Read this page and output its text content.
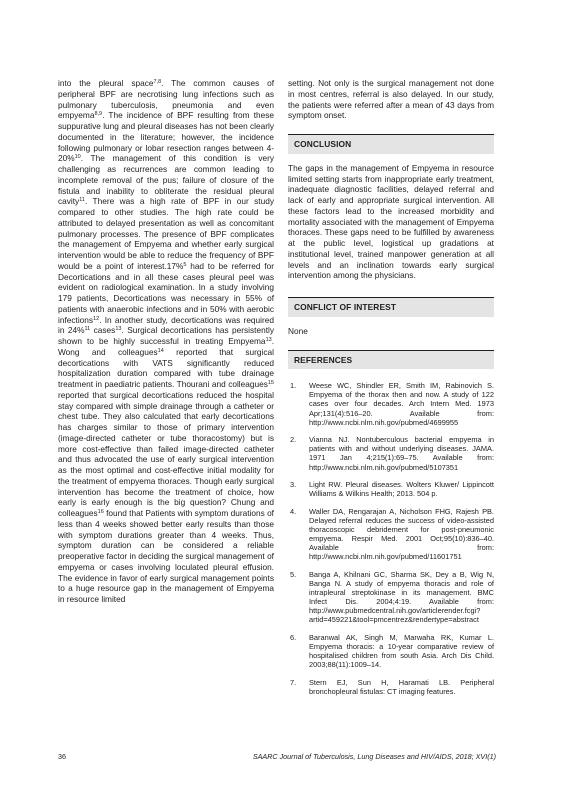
into the pleural space$^{7,8}$. The common causes of peripheral BPF are necrotising lung infections such as pulmonary tuberculosis, pneumonia and even empyema$^{8,9}$. The incidence of BPF resulting from these suppurative lung and pleural diseases has not been clearly documented in the literature; however, the incidence following pulmonary or lobar resection ranges between 4-20%$^{10}$. The management of this condition is very challenging as recurrences are common leading to incomplete removal of the pus; failure of closure of the fistula and inability to obliterate the residual pleural cavity$^{11}$. There was a high rate of BPF in our study compared to other studies. The high rate could be attributed to delayed presentation as well as concomitant pulmonary processes. The presence of BPF complicates the management of Empyema and whether early surgical intervention would be able to reduce the frequency of BPF would be a point of interest.17%$^5$ had to be referred for Decortications and in all these cases pleural peel was evident on radiological examination. In a study involving 179 patients, Decortications was necessary in 55% of patients with anaerobic infections and in 50% with aerobic infections$^{12}$. In another study, decortications was required in 24%$^{11}$ cases$^{13}$. Surgical decortications has persistently shown to be highly successful in treating Empyema$^{13}$. Wong and colleagues$^{14}$ reported that surgical decortications with VATS significantly reduced hospitalization duration compared with tube drainage treatment in paediatric patients. Thourani and colleagues$^{15}$ reported that surgical decortications reduced the hospital stay compared with simple drainage through a catheter or chest tube. They also calculated that early decortications has charges similar to those of primary intervention (image-directed catheter or tube thoracostomy) but is more cost-effective than failed image-directed catheter and thus advocated the use of early surgical intervention as the most optimal and cost-effective initial modality for the treatment of empyema thoraces. Though early surgical intervention has become the treatment of choice, how early is early enough is the big question? Chung and colleagues$^{16}$ found that Patients with symptom durations of less than 4 weeks showed better early results than those with symptom durations greater than 4 weeks. Thus, symptom duration can be considered a reliable preoperative factor in deciding the surgical management of empyema or cases involving loculated pleural effusion. The evidence in favor of early surgical management points to a huge resource gap in the management of Empyema in resource limited

setting. Not only is the surgical management not done in most centres, referral is also delayed. In our study, the patients were referred after a mean of 43 days from symptom onset.

CONCLUSION

The gaps in the management of Empyema in resource limited setting starts from inappropriate early treatment, inadequate diagnostic facilities, delayed referral and lack of early and appropriate surgical intervention. All these factors lead to the increased morbidity and mortality associated with the management of Empyema thoraces. These gaps need to be fulfilled by awareness at the public level, logistical up gradations at institutional level, trained manpower generation at all levels and an inclination towards early surgical intervention among the physicians.

CONFLICT OF INTEREST

None

REFERENCES
1.	Weese WC, Shindler ER, Smith IM, Rabinovich S. Empyema of the thorax then and now. A study of 122 cases over four decades. Arch Intern Med. 1973 Apr;131(4):516–20. Available from: http://www.ncbi.nlm.nih.gov/pubmed/4699955
2.	Vianna NJ. Nontuberculous bacterial empyema in patients with and without underlying diseases. JAMA. 1971 Jan 4;215(1):69–75. Available from: http://www.ncbi.nlm.nih.gov/pubmed/5107351
3.	Light RW. Pleural diseases. Wolters Kluwer/ Lippincott Williams & Wilkins Health; 2013. 504 p.
4.	Waller DA, Rengarajan A, Nicholson FHG, Rajesh PB. Delayed referral reduces the success of video-assisted thoracoscopic debridement for post-pneumonic empyema. Respir Med. 2001 Oct;95(10):836–40. Available from: http://www.ncbi.nlm.nih.gov/pubmed/11601751
5.	Banga A, Khilnani GC, Sharma SK, Dey a B, Wig N, Banga N. A study of empyema thoracis and role of intrapleural streptokinase in its management. BMC Infect Dis. 2004;4:19. Available from: http://www.pubmedcentral.nih.gov/articlerender.fcgi?artid=459221&tool=pmcentrez&rendertype=abstract
6.	Baranwal AK, Singh M, Marwaha RK, Kumar L. Empyema thoracis: a 10-year comparative review of hospitalised children from south Asia. Arch Dis Child. 2003;88(11):1009–14.
7.	Stern EJ, Sun H, Haramati LB. Peripheral bronchopleural fistulas: CT imaging features.
36	SAARC Journal of Tuberculosis, Lung Diseases and HIV/AIDS, 2018; XVI(1)
